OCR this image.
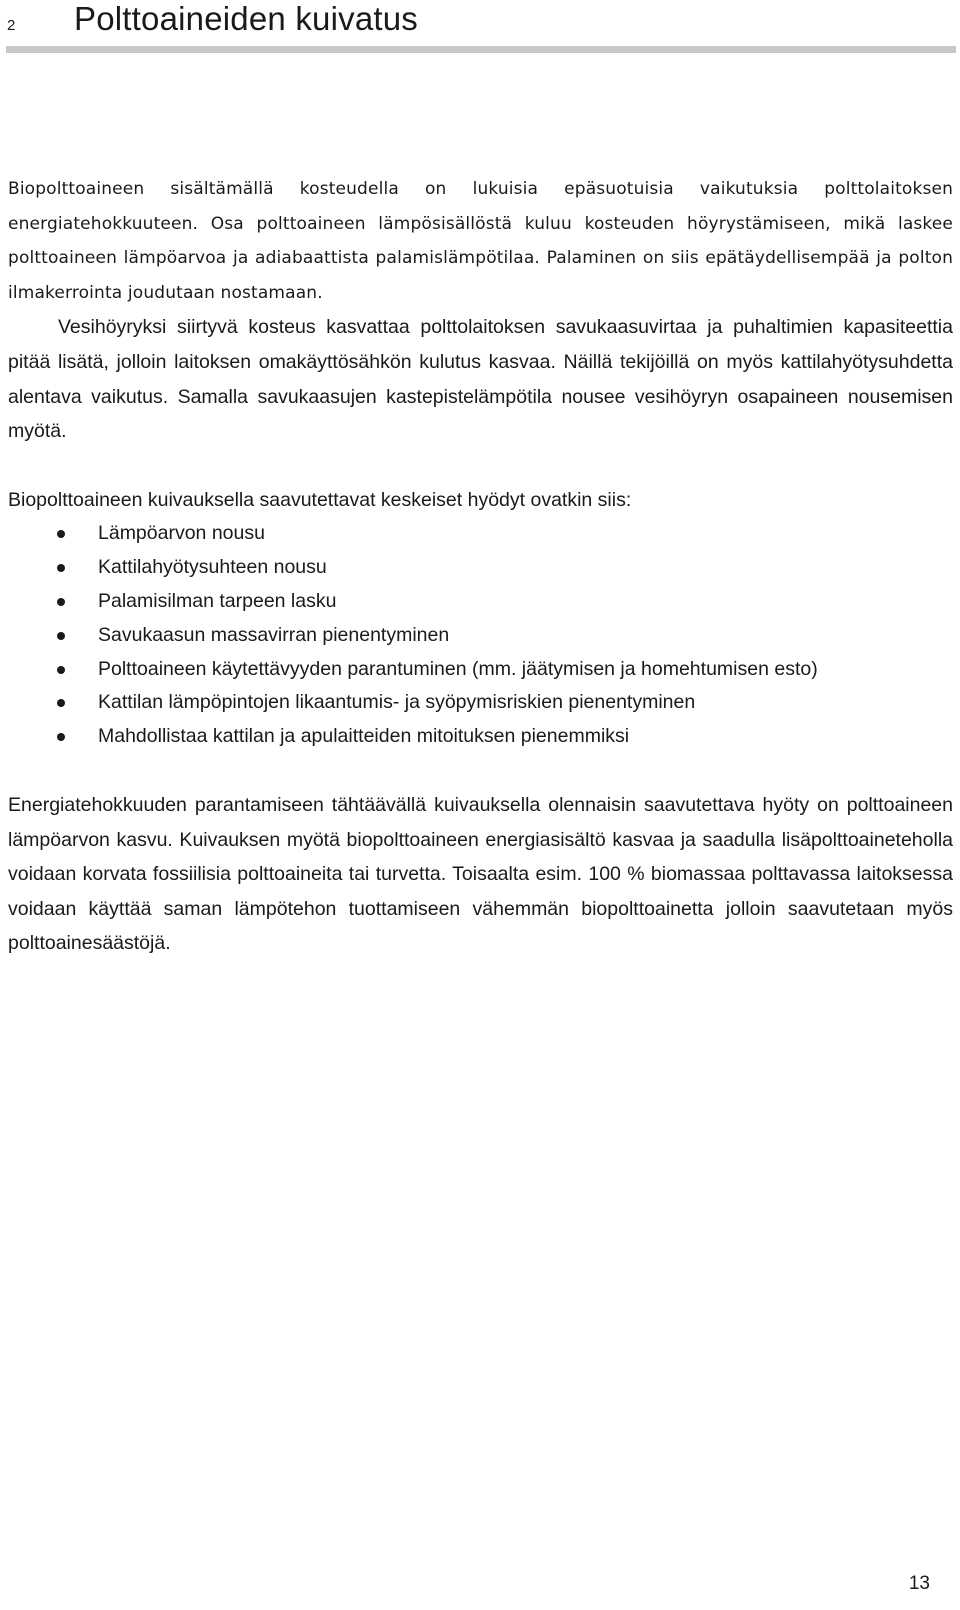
2 Polttoaineiden kuivatus

Biopolttoaineen sisältämällä kosteudella on lukuisia epäsuotuisia vaikutuksia polttolaitoksen energiatehokkuuteen. Osa polttoaineen lämpösisällöstä kuluu kosteuden höyrystämiseen, mikä laskee polttoaineen lämpöarvoa ja adiabaattista palamislämpötilaa. Palaminen on siis epätäydellisempää ja polton ilmakerrointa joudutaan nostamaan.

Vesihöyryksi siirtyvä kosteus kasvattaa polttolaitoksen savukaasuvirtaa ja puhaltimien kapasiteettia pitää lisätä, jolloin laitoksen omakäyttösähkön kulutus kasvaa. Näillä tekijöillä on myös kattilahyötysuhdetta alentava vaikutus. Samalla savukaasujen kastepistelämpötila nousee vesihöyryn osapaineen nousemisen myötä.

Biopolttoaineen kuivauksella saavutettavat keskeiset hyödyt ovatkin siis:

Lämpöarvon nousu
Kattilahyötysuhteen nousu
Palamisilman tarpeen lasku
Savukaasun massavirran pienentyminen
Polttoaineen käytettävyyden parantuminen (mm. jäätymisen ja homehtumisen esto)
Kattilan lämpöpintojen likaantumis- ja syöpymisriskien pienentyminen
Mahdollistaa kattilan ja apulaitteiden mitoituksen pienemmiksi

Energiatehokkuuden parantamiseen tähtäävällä kuivauksella olennaisin saavutettava hyöty on polttoaineen lämpöarvon kasvu. Kuivauksen myötä biopolttoaineen energiasisältö kasvaa ja saadulla lisäpolttoaineteholla voidaan korvata fossiilisia polttoaineita tai turvetta. Toisaalta esim. 100 % biomassaa polttavassa laitoksessa voidaan käyttää saman lämpötehon tuottamiseen vähemmän biopolttoainetta jolloin saavutetaan myös polttoainesäästöjä.

13
